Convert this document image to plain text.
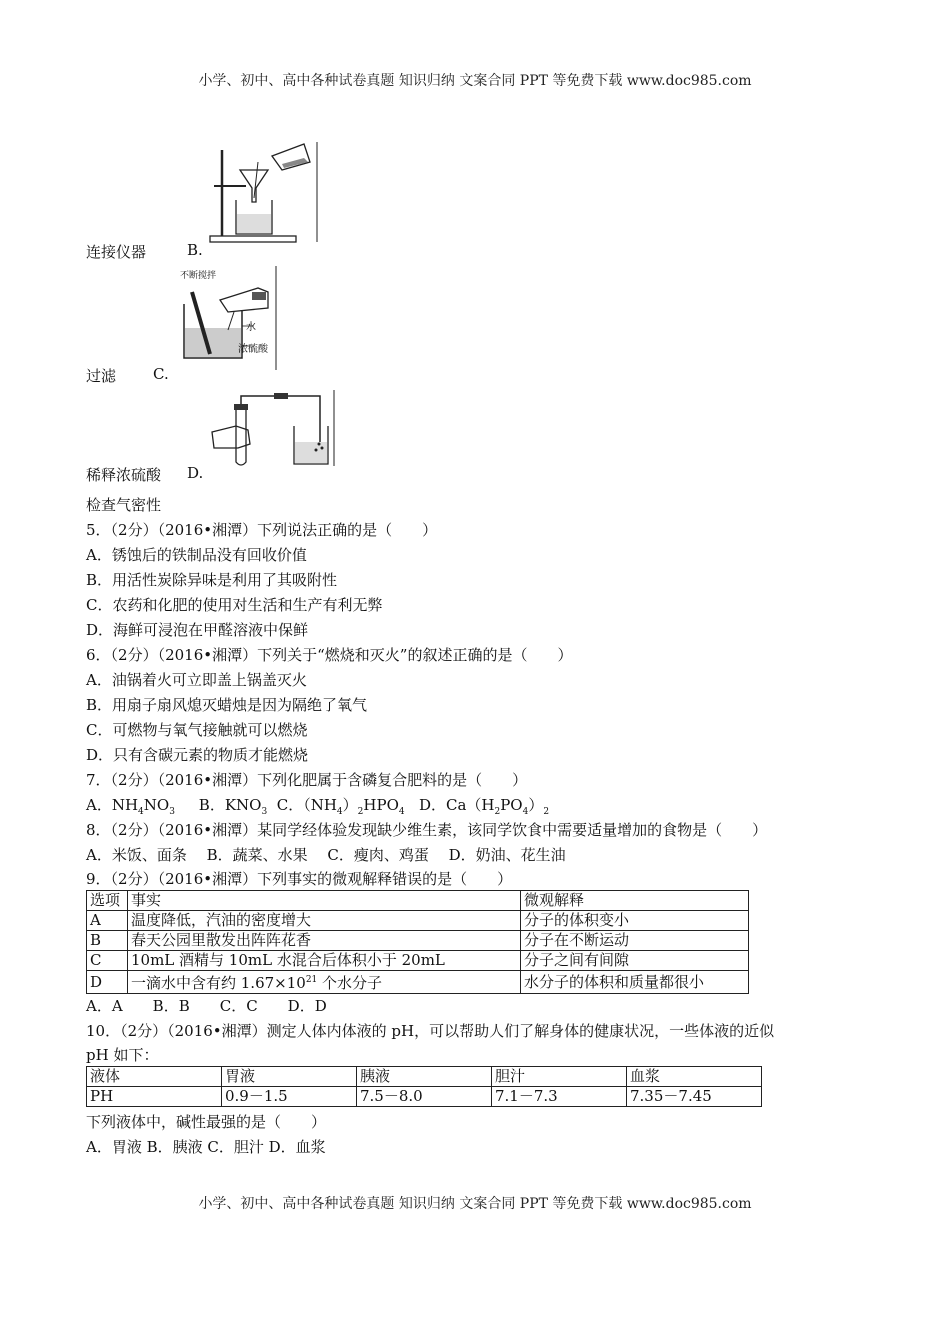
小学、初中、高中各种试卷真题 知识归纳 文案合同 PPT 等免费下载 www.doc985.com
连接仪器	B.
不断搅拌
水
浓硫酸
过滤 C.
稀释浓硫酸 D.
检查气密性
5．（2分）（2016•湘潭）下列说法正确的是（　　）
A．锈蚀后的铁制品没有回收价值
B．用活性炭除异味是利用了其吸附性
C．农药和化肥的使用对生活和生产有利无弊
D．海鲜可浸泡在甲醛溶液中保鲜
6．（2分）（2016•湘潭）下列关于“燃烧和灭火”的叙述正确的是（　　）
A．油锅着火可立即盖上锅盖灭火
B．用扇子扇风熄灭蜡烛是因为隔绝了氧气
C．可燃物与氧气接触就可以燃烧
D．只有含碳元素的物质才能燃烧
7．（2分）（2016•湘潭）下列化肥属于含磷复合肥料的是（　　）
A．$NH_4NO_3$ B．$KNO_3$ C．$(NH_4)_2HPO_4$ D．$Ca(H_2PO_4)_2$
8．（2分）（2016•湘潭）某同学经体验发现缺少维生素，该同学饮食中需要适量增加的食物是（　　）
A．米饭、面条　 B．蔬菜、水果　 C．瘦肉、鸡蛋　 D．奶油、花生油
9．（2分）（2016•湘潭）下列事实的微观解释错误的是（　　）
选项	事实	微观解释
A	温度降低，汽油的密度增大	分子的体积变小
B	春天公园里散发出阵阵花香	分子在不断运动
C	10mL 酒精与 10mL 水混合后体积小于 20mL	分子之间有间隙
D	一滴水中含有约 $1.67\times 10^{21}$ 个水分子	水分子的体积和质量都很小
A．A　　B．B　　C．C　　D．D
10．（2分）（2016•湘潭）测定人体内体液的 pH，可以帮助人们了解身体的健康状况，一些体液的近似
pH 如下：
液体	胃液	胰液	胆汁	血浆
PH	0.9－1.5	7.5－8.0	7.1－7.3	7.35－7.45
下列液体中，碱性最强的是（　　）
A．胃液 B．胰液 C．胆汁 D．血浆
小学、初中、高中各种试卷真题 知识归纳 文案合同 PPT 等免费下载 www.doc985.com
